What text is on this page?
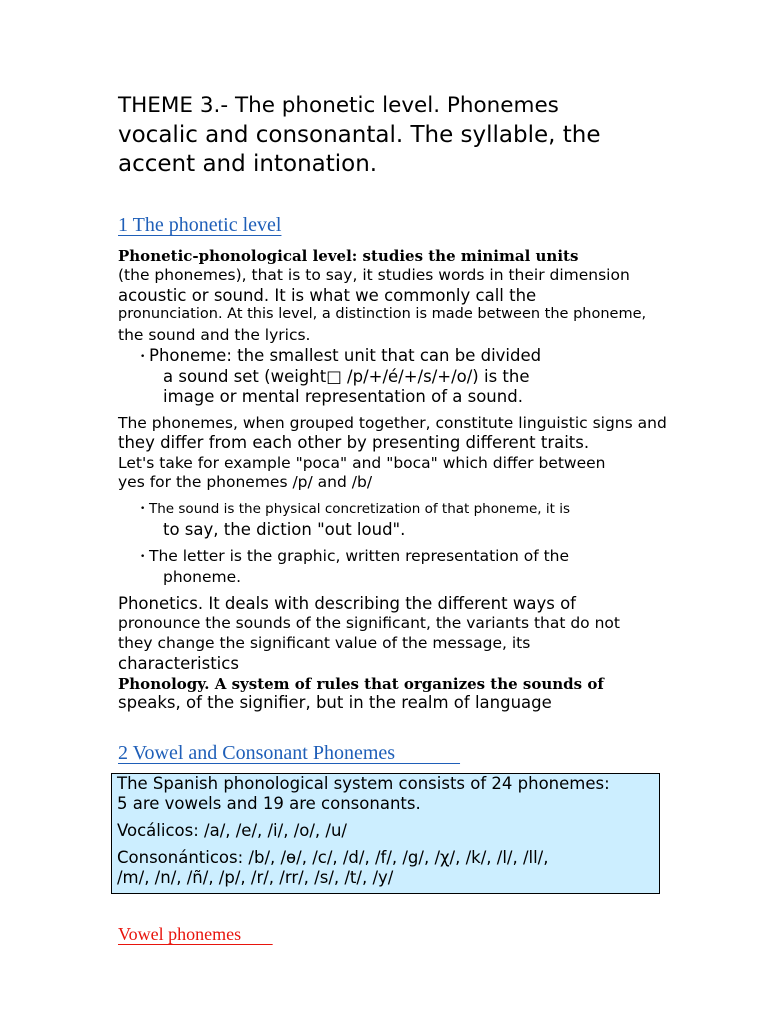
THEME 3.- The phonetic level. Phonemes
vocalic and consonantal. The syllable, the
accent and intonation.
1 The phonetic level
Phonetic-phonological level: studies the minimal units
(the phonemes), that is to say, it studies words in their dimension
acoustic or sound. It is what we commonly call the
pronunciation. At this level, a distinction is made between the phoneme,
the sound and the lyrics.
• Phoneme: the smallest unit that can be divided
a sound set (weight□ /p/+/é/+/s/+/o/) is the
image or mental representation of a sound.
The phonemes, when grouped together, constitute linguistic signs and
they differ from each other by presenting different traits.
Let's take for example "poca" and "boca" which differ between
yes for the phonemes /p/ and /b/
• The sound is the physical concretization of that phoneme, it is
to say, the diction "out loud".
• The letter is the graphic, written representation of the
phoneme.
Phonetics. It deals with describing the different ways of
pronounce the sounds of the significant, the variants that do not
they change the significant value of the message, its
characteristics
Phonology. A system of rules that organizes the sounds of
speaks, of the signifier, but in the realm of language
2 Vowel and Consonant Phonemes
The Spanish phonological system consists of 24 phonemes:
5 are vowels and 19 are consonants.
Vocálicos: /a/, /e/, /i/, /o/, /u/
Consonánticos: /b/, /ɵ/, /c/, /d/, /f/, /g/, /χ/, /k/, /l/, /ll/,
/m/, /n/, /ñ/, /p/, /r/, /rr/, /s/, /t/, /y/
Vowel phonemes
